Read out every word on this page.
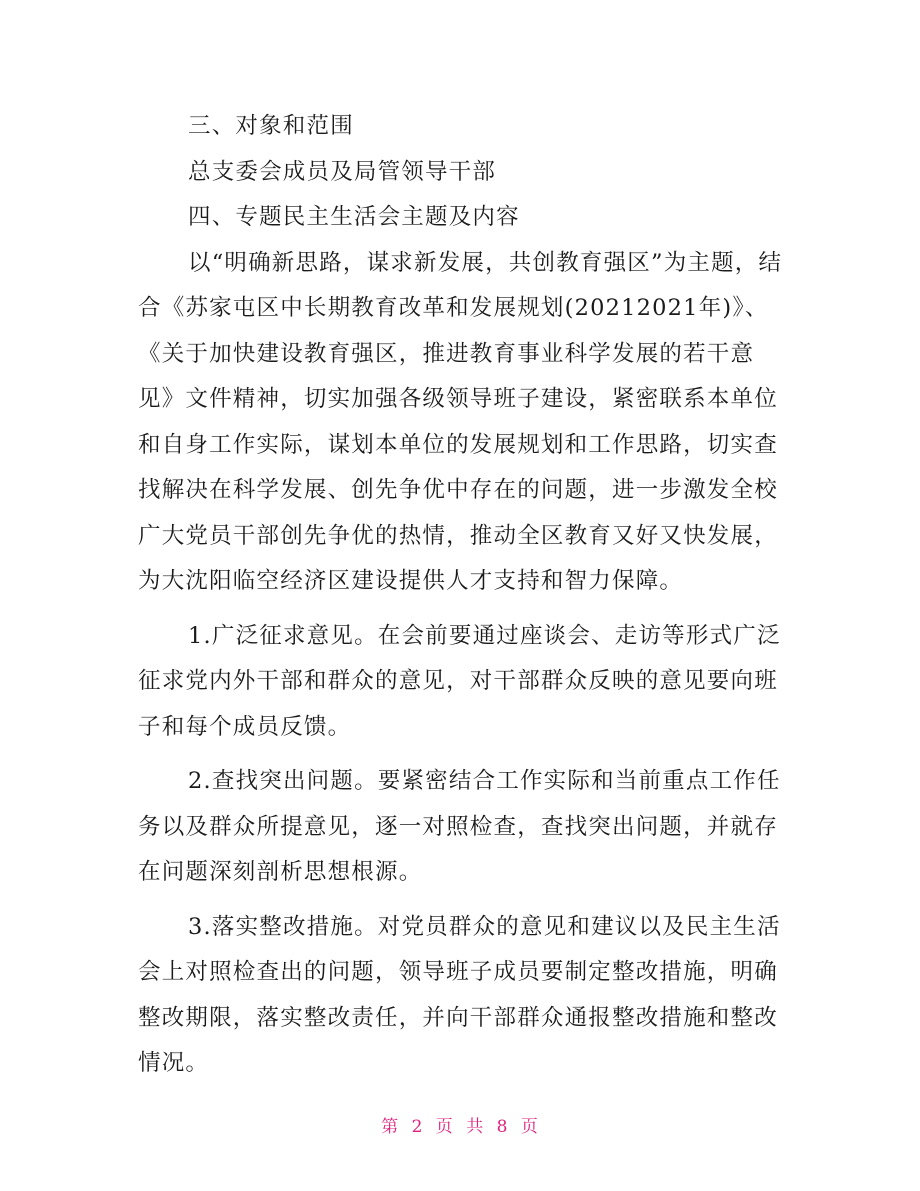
三、对象和范围

总支委会成员及局管领导干部

四、专题民主生活会主题及内容

以“明确新思路，谋求新发展，共创教育强区”为主题，结合《苏家屯区中长期教育改革和发展规划(20212021年)》、《关于加快建设教育强区，推进教育事业科学发展的若干意见》文件精神，切实加强各级领导班子建设，紧密联系本单位和自身工作实际，谋划本单位的发展规划和工作思路，切实查找解决在科学发展、创先争优中存在的问题，进一步激发全校广大党员干部创先争优的热情，推动全区教育又好又快发展，为大沈阳临空经济区建设提供人才支持和智力保障。

1.广泛征求意见。在会前要通过座谈会、走访等形式广泛征求党内外干部和群众的意见，对干部群众反映的意见要向班子和每个成员反馈。

2.查找突出问题。要紧密结合工作实际和当前重点工作任务以及群众所提意见，逐一对照检查，查找突出问题，并就存在问题深刻剖析思想根源。

3.落实整改措施。对党员群众的意见和建议以及民主生活会上对照检查出的问题，领导班子成员要制定整改措施，明确整改期限，落实整改责任，并向干部群众通报整改措施和整改情况。

第 2 页 共 8 页
